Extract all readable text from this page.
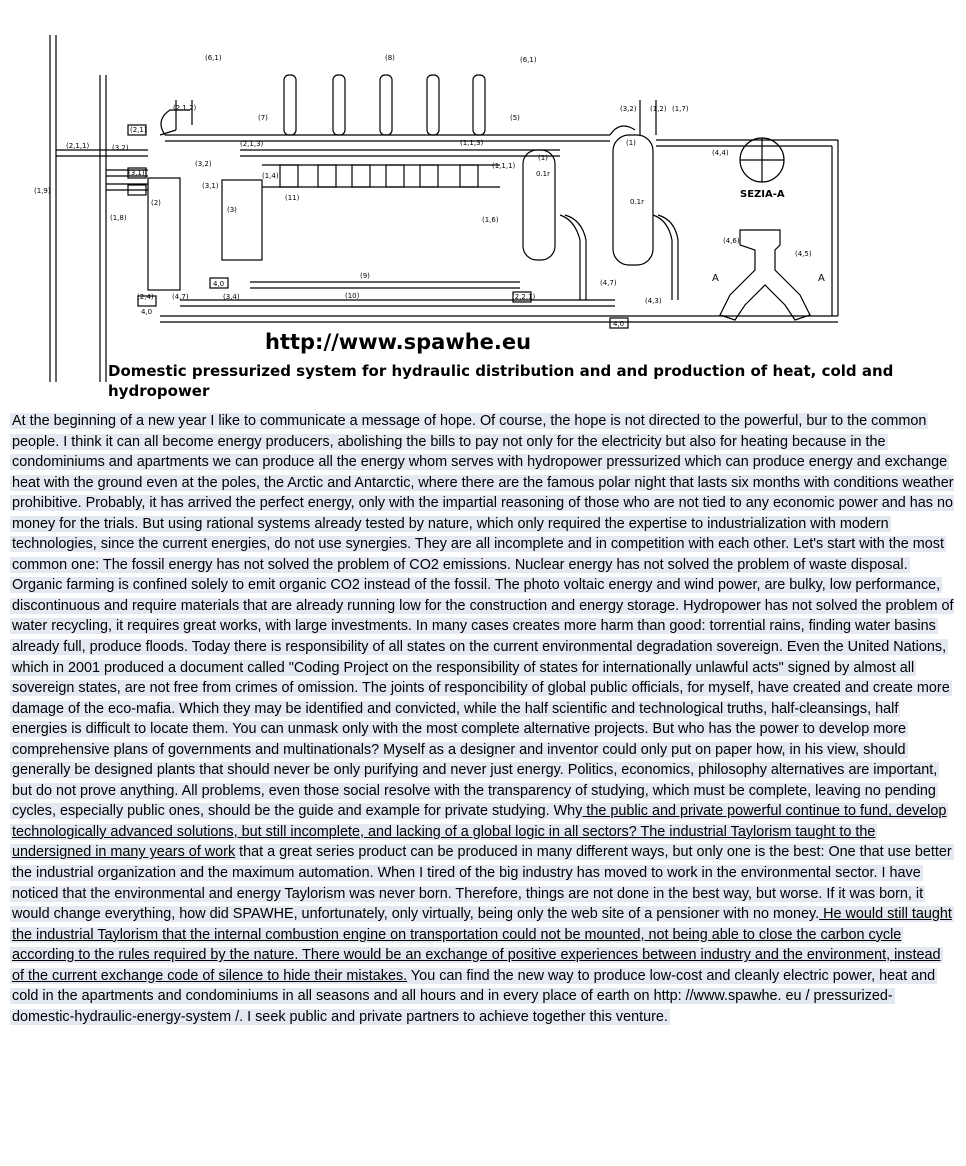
(6,1)	(6,1)
(8)
(2,1,2)
(2,1)
(3,2)
(2,1,1)
(3,1)
(3,2)
(3,1)
(1,9)
(1,8)
(2)
(3)
(7)
(2,1,3)
(1,4)
(11)
(5)
(1,1,3)
(1,1,1)
(1,6)
(1)
0.1r
(1)
0.1r
(9)
(10)
4,0
4,0
4,0
(2,4)	(3,4)
(4,7)
(4,7)
(2,2,1)	(4,3)
(3,2) (1,2) (1,7)
SEZIA-A
(4,4)
(4,6)
(4,5)
A	A
http://www.spawhe.eu
Domestic pressurized system for hydraulic distribution and and production of heat, cold and hydropower
At the beginning of a new year I like to communicate a message of hope. Of course, the hope is not directed to the powerful, bur to the common people. I think it can all become energy producers, abolishing the bills to pay not only for the electricity but also for heating because in the condominiums and apartments we can produce all the energy whom serves with hydropower pressurized which can produce energy and exchange heat with the ground even at the poles, the Arctic and Antarctic, where there are the famous polar night that lasts six months with conditions weather prohibitive. Probably, it has arrived the perfect energy, only with the impartial reasoning of those who are not tied to any economic power and has no money for the trials. But using rational systems already tested by nature, which only required the expertise to industrialization with modern technologies, since the current energies, do not use synergies. They are all incomplete and in competition with each other. Let's start with the most common one: The fossil energy has not solved the problem of CO2 emissions. Nuclear energy has not solved the problem of waste disposal. Organic farming is confined solely to emit organic CO2 instead of the fossil. The photo voltaic energy and wind power, are bulky, low performance, discontinuous and require materials that are already running low for the construction and energy storage. Hydropower has not solved the problem of water recycling, it requires great works, with large investments. In many cases creates more harm than good: torrential rains, finding water basins already full, produce floods. Today there is responsibility of all states on the current environmental degradation sovereign. Even the United Nations, which in 2001 produced a document called "Coding Project on the responsibility of states for internationally unlawful acts" signed by almost all sovereign states, are not free from crimes of omission. The joints of responcibility of global public officials, for myself, have created and create more damage of the eco-mafia. Which they may be identified and convicted, while the half scientific and technological truths, half-cleansings, half energies is difficult to locate them. You can unmask only with the most complete alternative projects. But who has the power to develop more comprehensive plans of governments and multinationals? Myself as a designer and inventor could only put on paper how, in his view, should generally be designed plants that should never be only purifying and never just energy. Politics, economics, philosophy alternatives are important, but do not prove anything. All problems, even those social resolve with the transparency of studying, which must be complete, leaving no pending cycles, especially public ones, should be the guide and example for private studying. Why the public and private powerful continue to fund, develop technologically advanced solutions, but still incomplete, and lacking of a global logic in all sectors? The industrial Taylorism taught to the undersigned in many years of work that a great series product can be produced in many different ways, but only one is the best: One that use better the industrial organization and the maximum automation. When I tired of the big industry has moved to work in the environmental sector. I have noticed that the environmental and energy Taylorism was never born. Therefore, things are not done in the best way, but worse. If it was born, it would change everything, how did SPAWHE, unfortunately, only virtually, being only the web site of a pensioner with no money. He would still taught the industrial Taylorism that the internal combustion engine on transportation could not be mounted, not being able to close the carbon cycle according to the rules required by the nature. There would be an exchange of positive experiences between industry and the environment, instead of the current exchange code of silence to hide their mistakes. You can find the new way to produce low-cost and cleanly electric power, heat and cold in the apartments and condominiums in all seasons and all hours and in every place of earth on http: //www.spawhe. eu / pressurized-domestic-hydraulic-energy-system /. I seek public and private partners to achieve together this venture.
